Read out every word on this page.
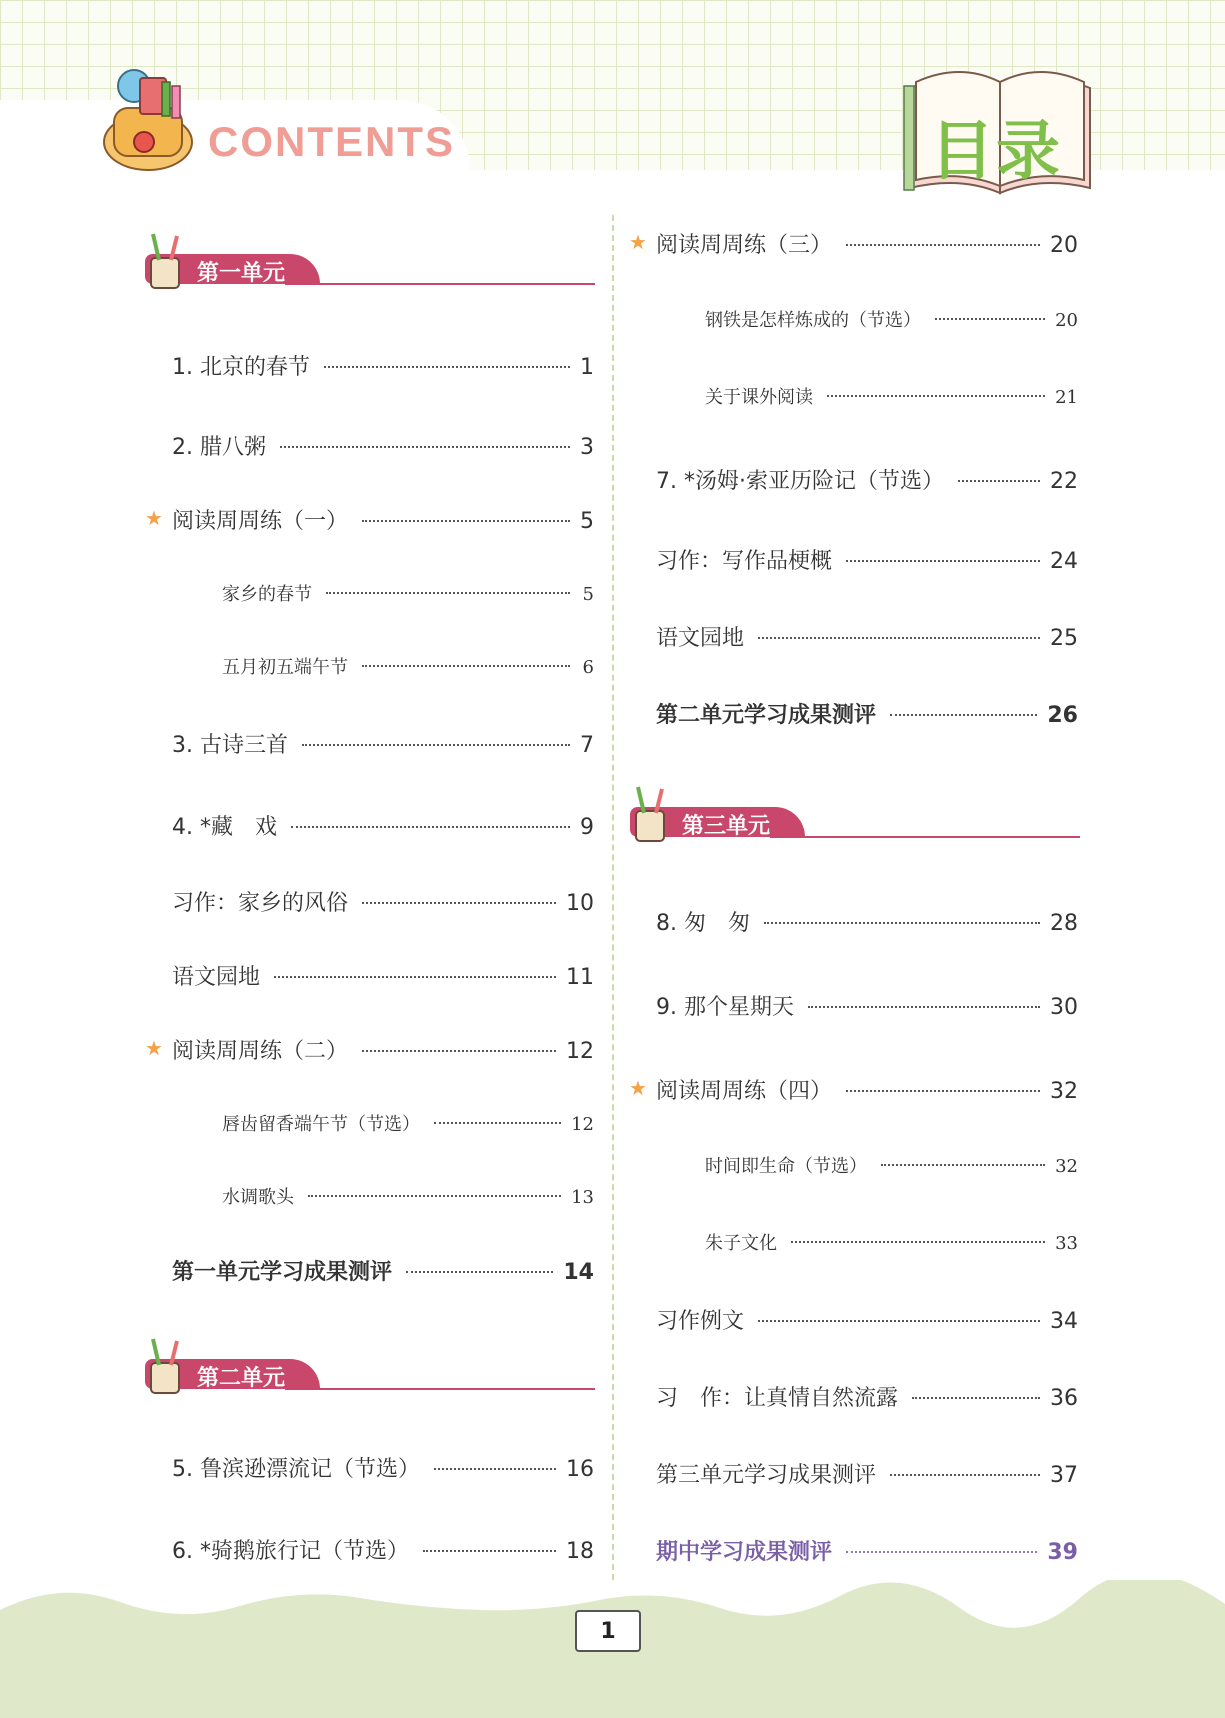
CONTENTS	目录
第一单元
第二单元
第三单元
1. 北京的春节	1
2. 腊八粥	3
★ 阅读周周练（一）	5
家乡的春节	5
五月初五端午节	6
3. 古诗三首	7
4. *藏　戏	9
习作：家乡的风俗	10
语文园地	11
★ 阅读周周练（二）	12
唇齿留香端午节（节选）	12
水调歌头	13
第一单元学习成果测评	14
5. 鲁滨逊漂流记（节选）	16
6. *骑鹅旅行记（节选）	18
★ 阅读周周练（三）	20
钢铁是怎样炼成的（节选）	20
关于课外阅读	21
7. *汤姆·索亚历险记（节选）	22
习作：写作品梗概	24
语文园地	25
第二单元学习成果测评	26
8. 匆　匆	28
9. 那个星期天	30
★ 阅读周周练（四）	32
时间即生命（节选）	32
朱子文化	33
习作例文	34
习　作：让真情自然流露	36
第三单元学习成果测评	37
期中学习成果测评	39
1
